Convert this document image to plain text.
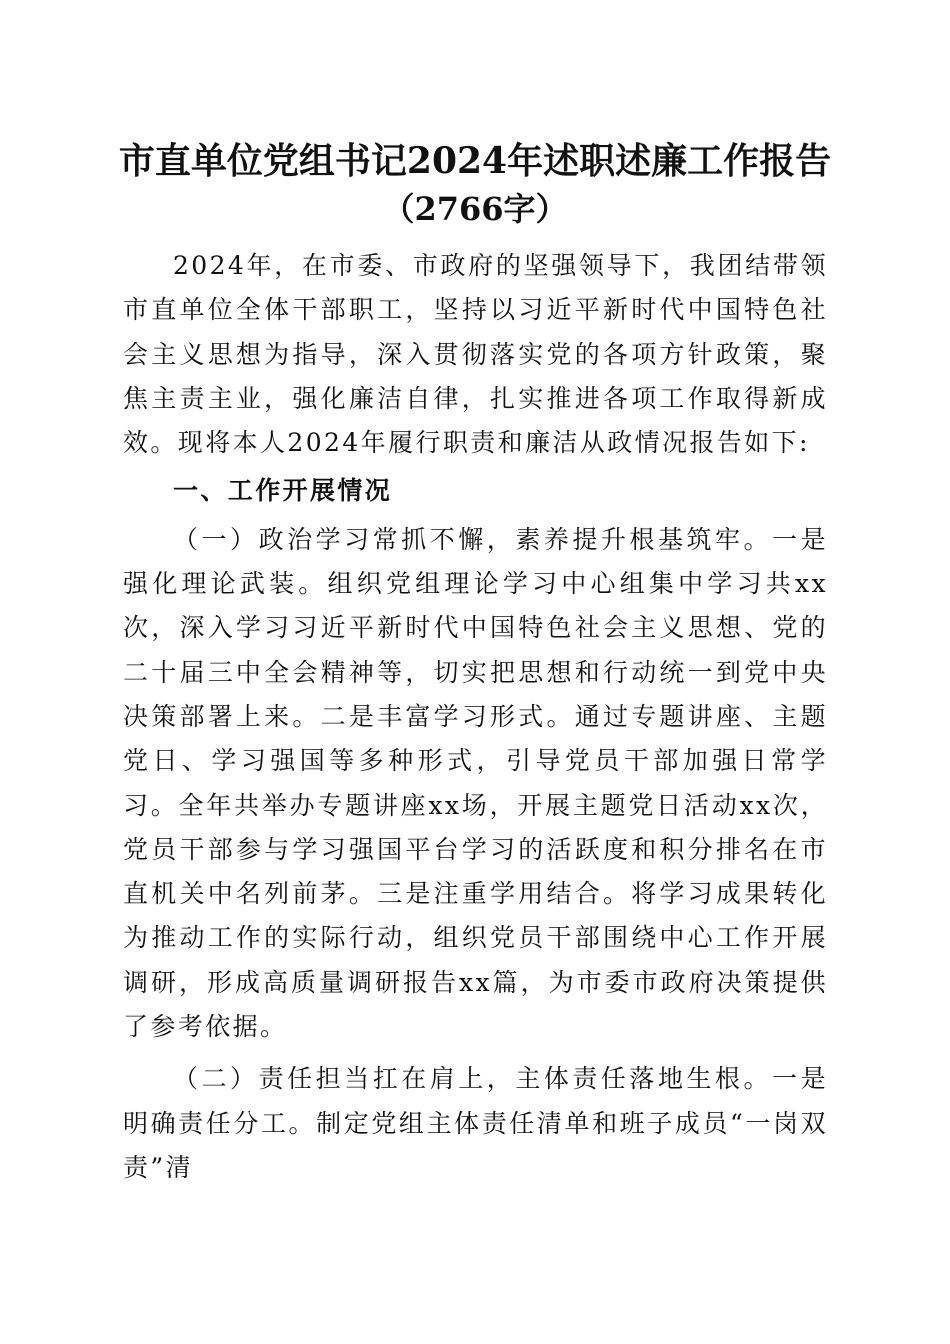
市直单位党组书记2024年述职述廉工作报告
（2766字）

2024年，在市委、市政府的坚强领导下，我团结带领市直单位全体干部职工，坚持以习近平新时代中国特色社会主义思想为指导，深入贯彻落实党的各项方针政策，聚焦主责主业，强化廉洁自律，扎实推进各项工作取得新成效。现将本人2024年履行职责和廉洁从政情况报告如下:

一、工作开展情况

（一）政治学习常抓不懈，素养提升根基筑牢。一是强化理论武装。组织党组理论学习中心组集中学习共xx次，深入学习习近平新时代中国特色社会主义思想、党的二十届三中全会精神等，切实把思想和行动统一到党中央决策部署上来。二是丰富学习形式。通过专题讲座、主题党日、学习强国等多种形式，引导党员干部加强日常学习。全年共举办专题讲座xx场，开展主题党日活动xx次，党员干部参与学习强国平台学习的活跃度和积分排名在市直机关中名列前茅。三是注重学用结合。将学习成果转化为推动工作的实际行动，组织党员干部围绕中心工作开展调研，形成高质量调研报告xx篇，为市委市政府决策提供了参考依据。

（二）责任担当扛在肩上，主体责任落地生根。一是明确责任分工。制定党组主体责任清单和班子成员“一岗双责”清
